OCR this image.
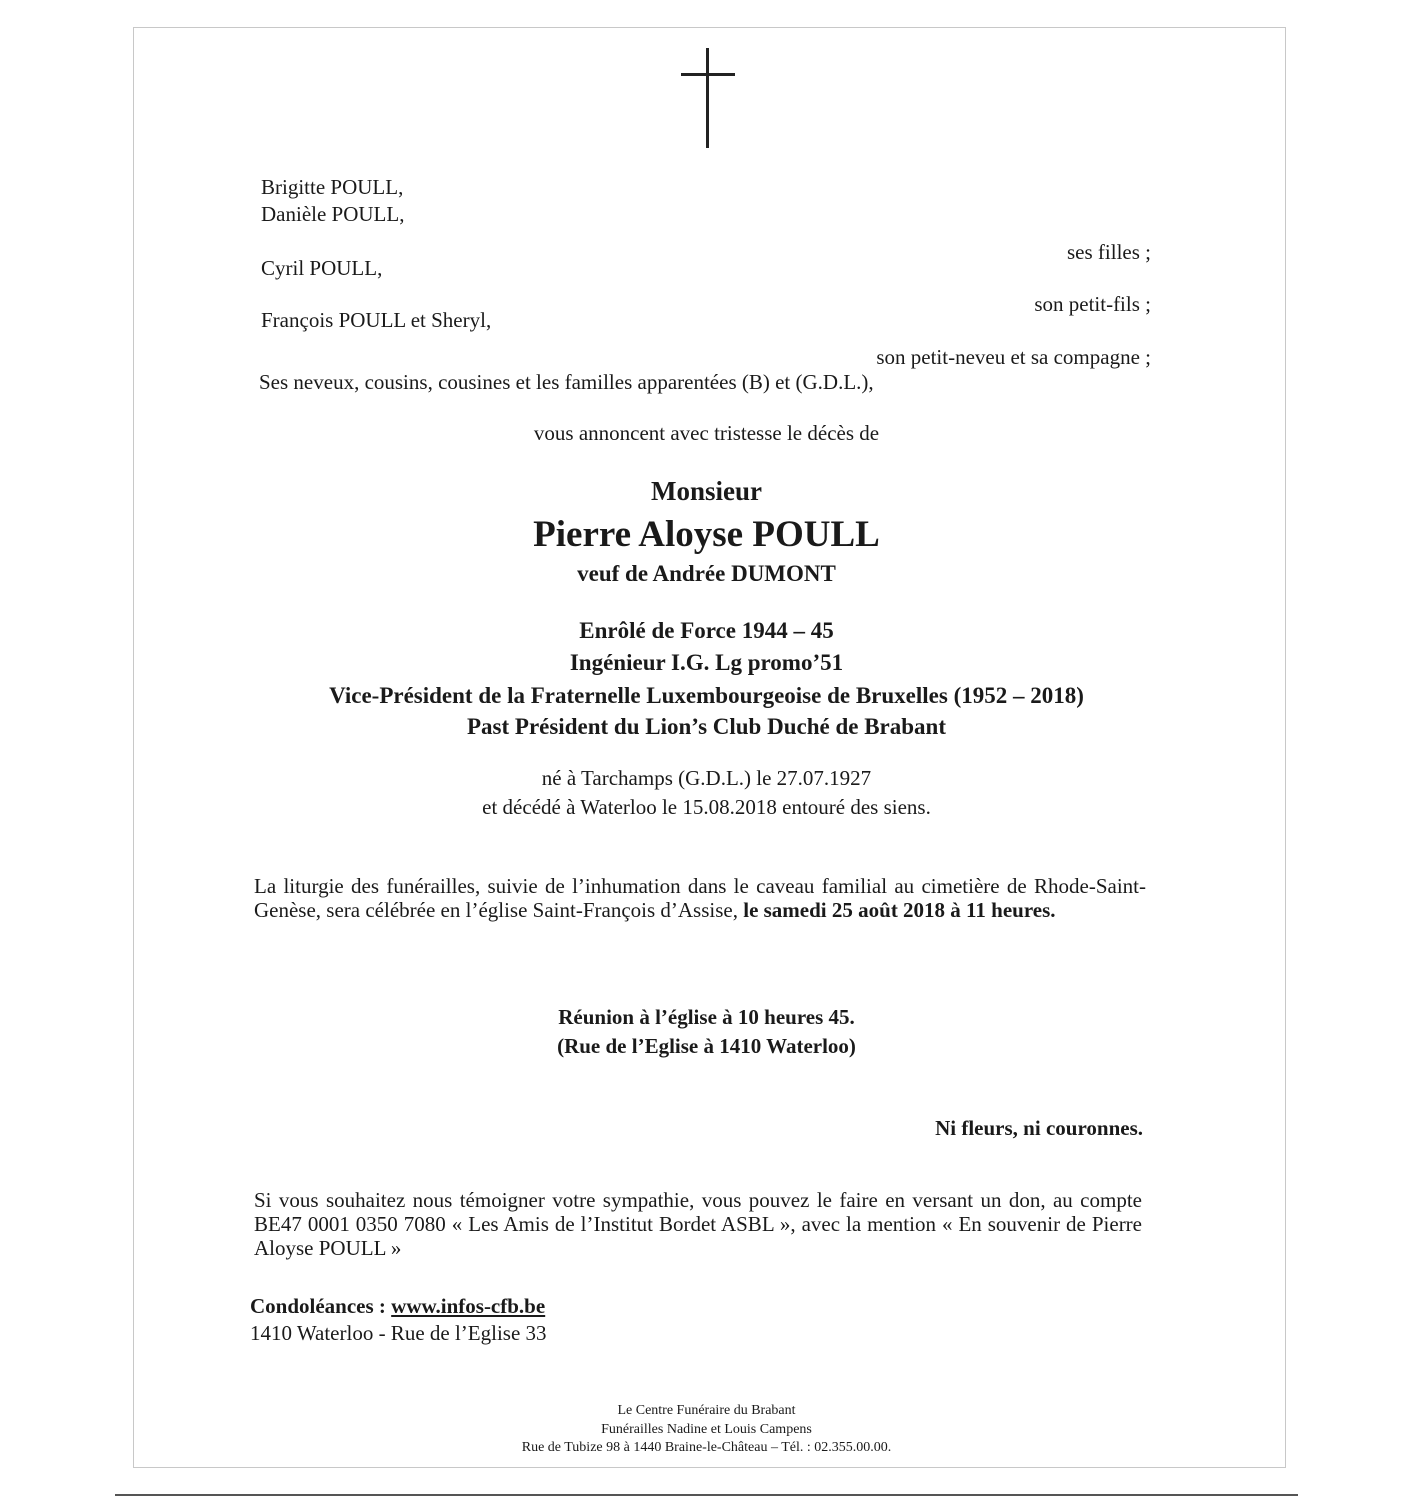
Brigitte POULL,
Danièle POULL,
ses filles ;
Cyril POULL,
son petit-fils ;
François POULL et Sheryl,
son petit-neveu et sa compagne ;
Ses neveux, cousins, cousines et les familles apparentées (B) et (G.D.L.),
vous annoncent avec tristesse le décès de
Monsieur
Pierre Aloyse POULL
veuf de Andrée DUMONT
Enrôlé de Force 1944 – 45
Ingénieur I.G. Lg promo’51
Vice-Président de la Fraternelle Luxembourgeoise de Bruxelles (1952 – 2018)
Past Président du Lion’s Club Duché de Brabant
né à Tarchamps (G.D.L.) le 27.07.1927
et décédé à Waterloo le 15.08.2018 entouré des siens.
La liturgie des funérailles, suivie de l’inhumation dans le caveau familial au cimetière de Rhode-Saint-Genèse, sera célébrée en l’église Saint-François d’Assise, le samedi 25 août 2018 à 11 heures.
Réunion à l’église à 10 heures 45.
(Rue de l’Eglise à 1410 Waterloo)
Ni fleurs, ni couronnes.
Si vous souhaitez nous témoigner votre sympathie, vous pouvez le faire en versant un don, au compte BE47 0001 0350 7080 « Les Amis de l’Institut Bordet ASBL », avec la mention « En souvenir de Pierre Aloyse POULL »
Condoléances : www.infos-cfb.be
1410 Waterloo - Rue de l’Eglise 33
Le Centre Funéraire du Brabant
Funérailles Nadine et Louis Campens
Rue de Tubize 98 à 1440 Braine-le-Château – Tél. : 02.355.00.00.
